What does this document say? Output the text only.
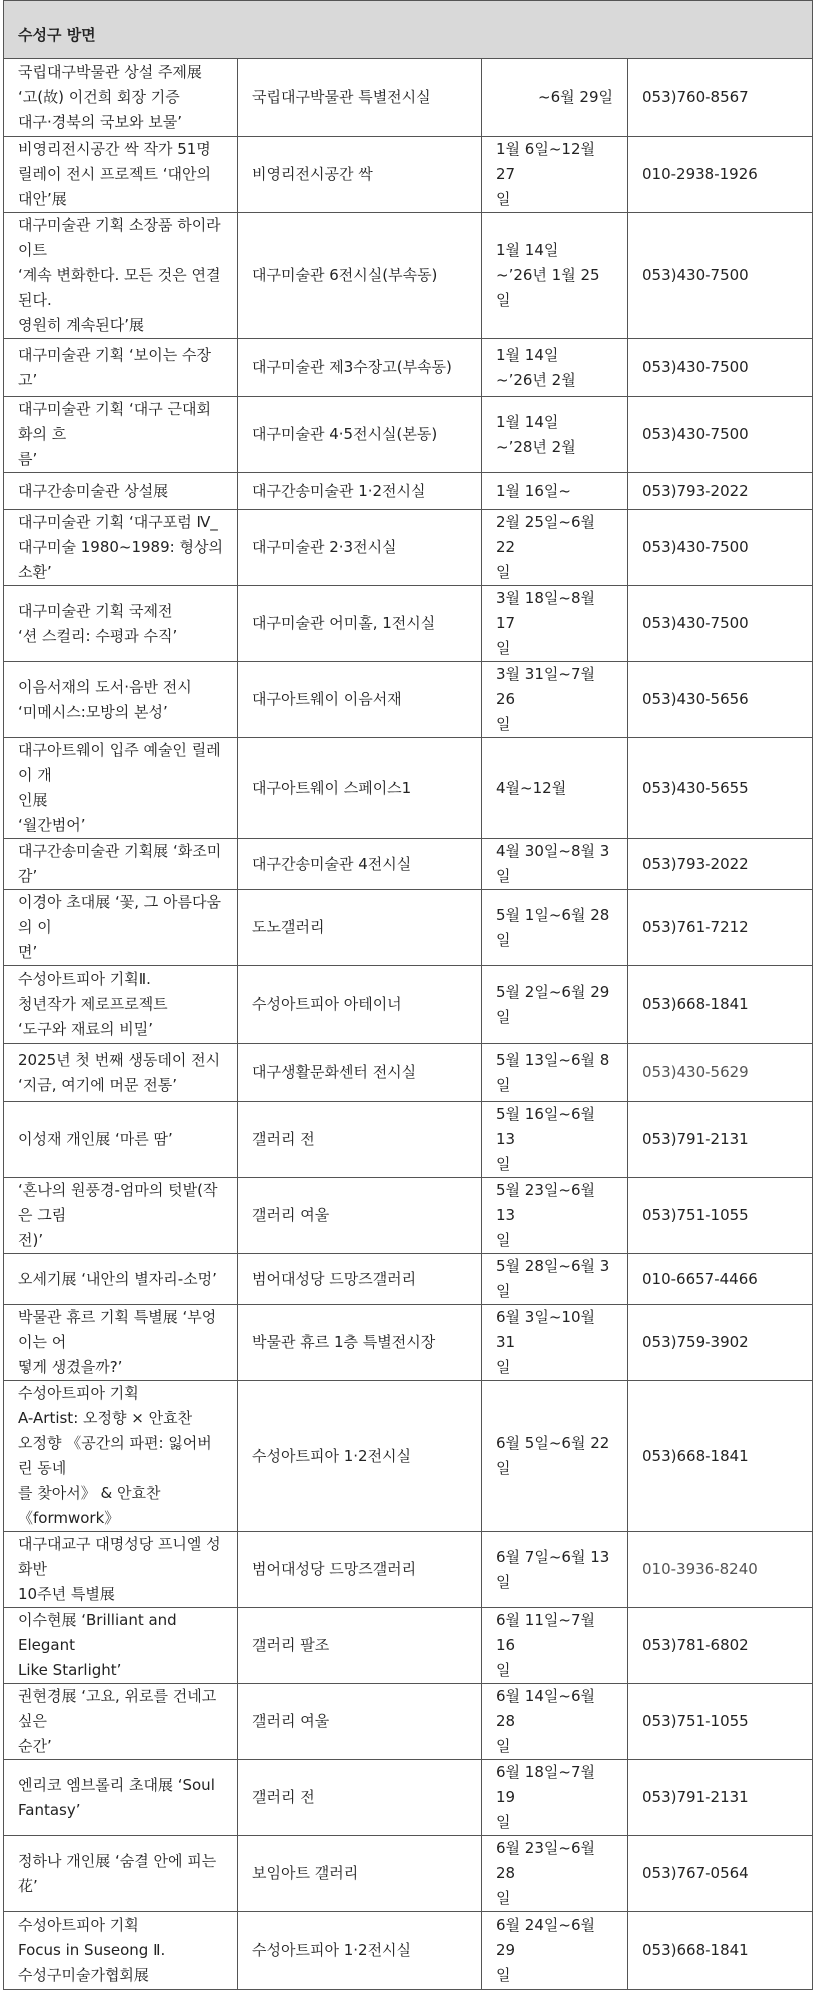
수성구 방면			

국립대구박물관 상설 주제展
‘고(故) 이건희 회장 기증
대구·경북의 국보와 보물’	국립대구박물관 특별전시실	~6월 29일	053)760-8567

비영리전시공간 싹 작가 51명
릴레이 전시 프로젝트 ‘대안의 대안’展	비영리전시공간 싹	1월 6일~12월 27
일	010-2938-1926

대구미술관 기획 소장품 하이라이트
‘계속 변화한다. 모든 것은 연결된다.
영원히 계속된다’展	대구미술관 6전시실(부속동)	1월 14일
~’26년 1월 25일	053)430-7500

대구미술관 기획 ‘보이는 수장고’	대구미술관 제3수장고(부속동)	1월 14일
~’26년 2월	053)430-7500

대구미술관 기획 ‘대구 근대회화의 흐
름’	대구미술관 4·5전시실(본동)	1월 14일
~’28년 2월	053)430-7500

대구간송미술관 상설展	대구간송미술관 1·2전시실	1월 16일~	053)793-2022

대구미술관 기획 ‘대구포럼 Ⅳ_
대구미술 1980~1989: 형상의 소환’	대구미술관 2·3전시실	2월 25일~6월 22
일	053)430-7500

대구미술관 기획 국제전
‘션 스컬리: 수평과 수직’	대구미술관 어미홀, 1전시실	3월 18일~8월 17
일	053)430-7500

이음서재의 도서·음반 전시
‘미메시스:모방의 본성’	대구아트웨이 이음서재	3월 31일~7월 26
일	053)430-5656

대구아트웨이 입주 예술인 릴레이 개
인展
‘월간범어’	대구아트웨이 스페이스1	4월~12월	053)430-5655

대구간송미술관 기획展 ‘화조미감’	대구간송미술관 4전시실	4월 30일~8월 3일	053)793-2022

이경아 초대展 ‘꽃, 그 아름다움의 이
면’	도노갤러리	5월 1일~6월 28일	053)761-7212

수성아트피아 기획Ⅱ.
청년작가 제로프로젝트
‘도구와 재료의 비밀’	수성아트피아 아테이너	5월 2일~6월 29일	053)668-1841

2025년 첫 번째 생동데이 전시
‘지금, 여기에 머문 전통’	대구생활문화센터 전시실	5월 13일~6월 8일	053)430-5629

이성재 개인展 ‘마른 땀’	갤러리 전	5월 16일~6월 13
일	053)791-2131

‘혼나의 원풍경-엄마의 텃밭(작은 그림
전)’	갤러리 여울	5월 23일~6월 13
일	053)751-1055

오세기展 ‘내안의 별자리-소멍’	범어대성당 드망즈갤러리	5월 28일~6월 3일	010-6657-4466

박물관 휴르 기획 특별展 ‘부엉이는 어
떻게 생겼을까?’	박물관 휴르 1층 특별전시장	6월 3일~10월 31
일	053)759-3902

수성아트피아 기획
A-Artist: 오정향 × 안효찬
오정향 《공간의 파편: 잃어버린 동네
를 찾아서》 & 안효찬 《formwork》	수성아트피아 1·2전시실	6월 5일~6월 22일	053)668-1841

대구대교구 대명성당 프니엘 성화반
10주년 특별展	범어대성당 드망즈갤러리	6월 7일~6월 13일	010-3936-8240

이수현展 ‘Brilliant and Elegant
Like Starlight’	갤러리 팔조	6월 11일~7월 16
일	053)781-6802

권현경展 ‘고요, 위로를 건네고 싶은
순간’	갤러리 여울	6월 14일~6월 28
일	053)751-1055

엔리코 엠브롤리 초대展 ‘Soul
Fantasy’	갤러리 전	6월 18일~7월 19
일	053)791-2131

정하나 개인展 ‘숨결 안에 피는 花’	보임아트 갤러리	6월 23일~6월 28
일	053)767-0564

수성아트피아 기획
Focus in Suseong Ⅱ.
수성구미술가협회展	수성아트피아 1·2전시실	6월 24일~6월 29
일	053)668-1841
